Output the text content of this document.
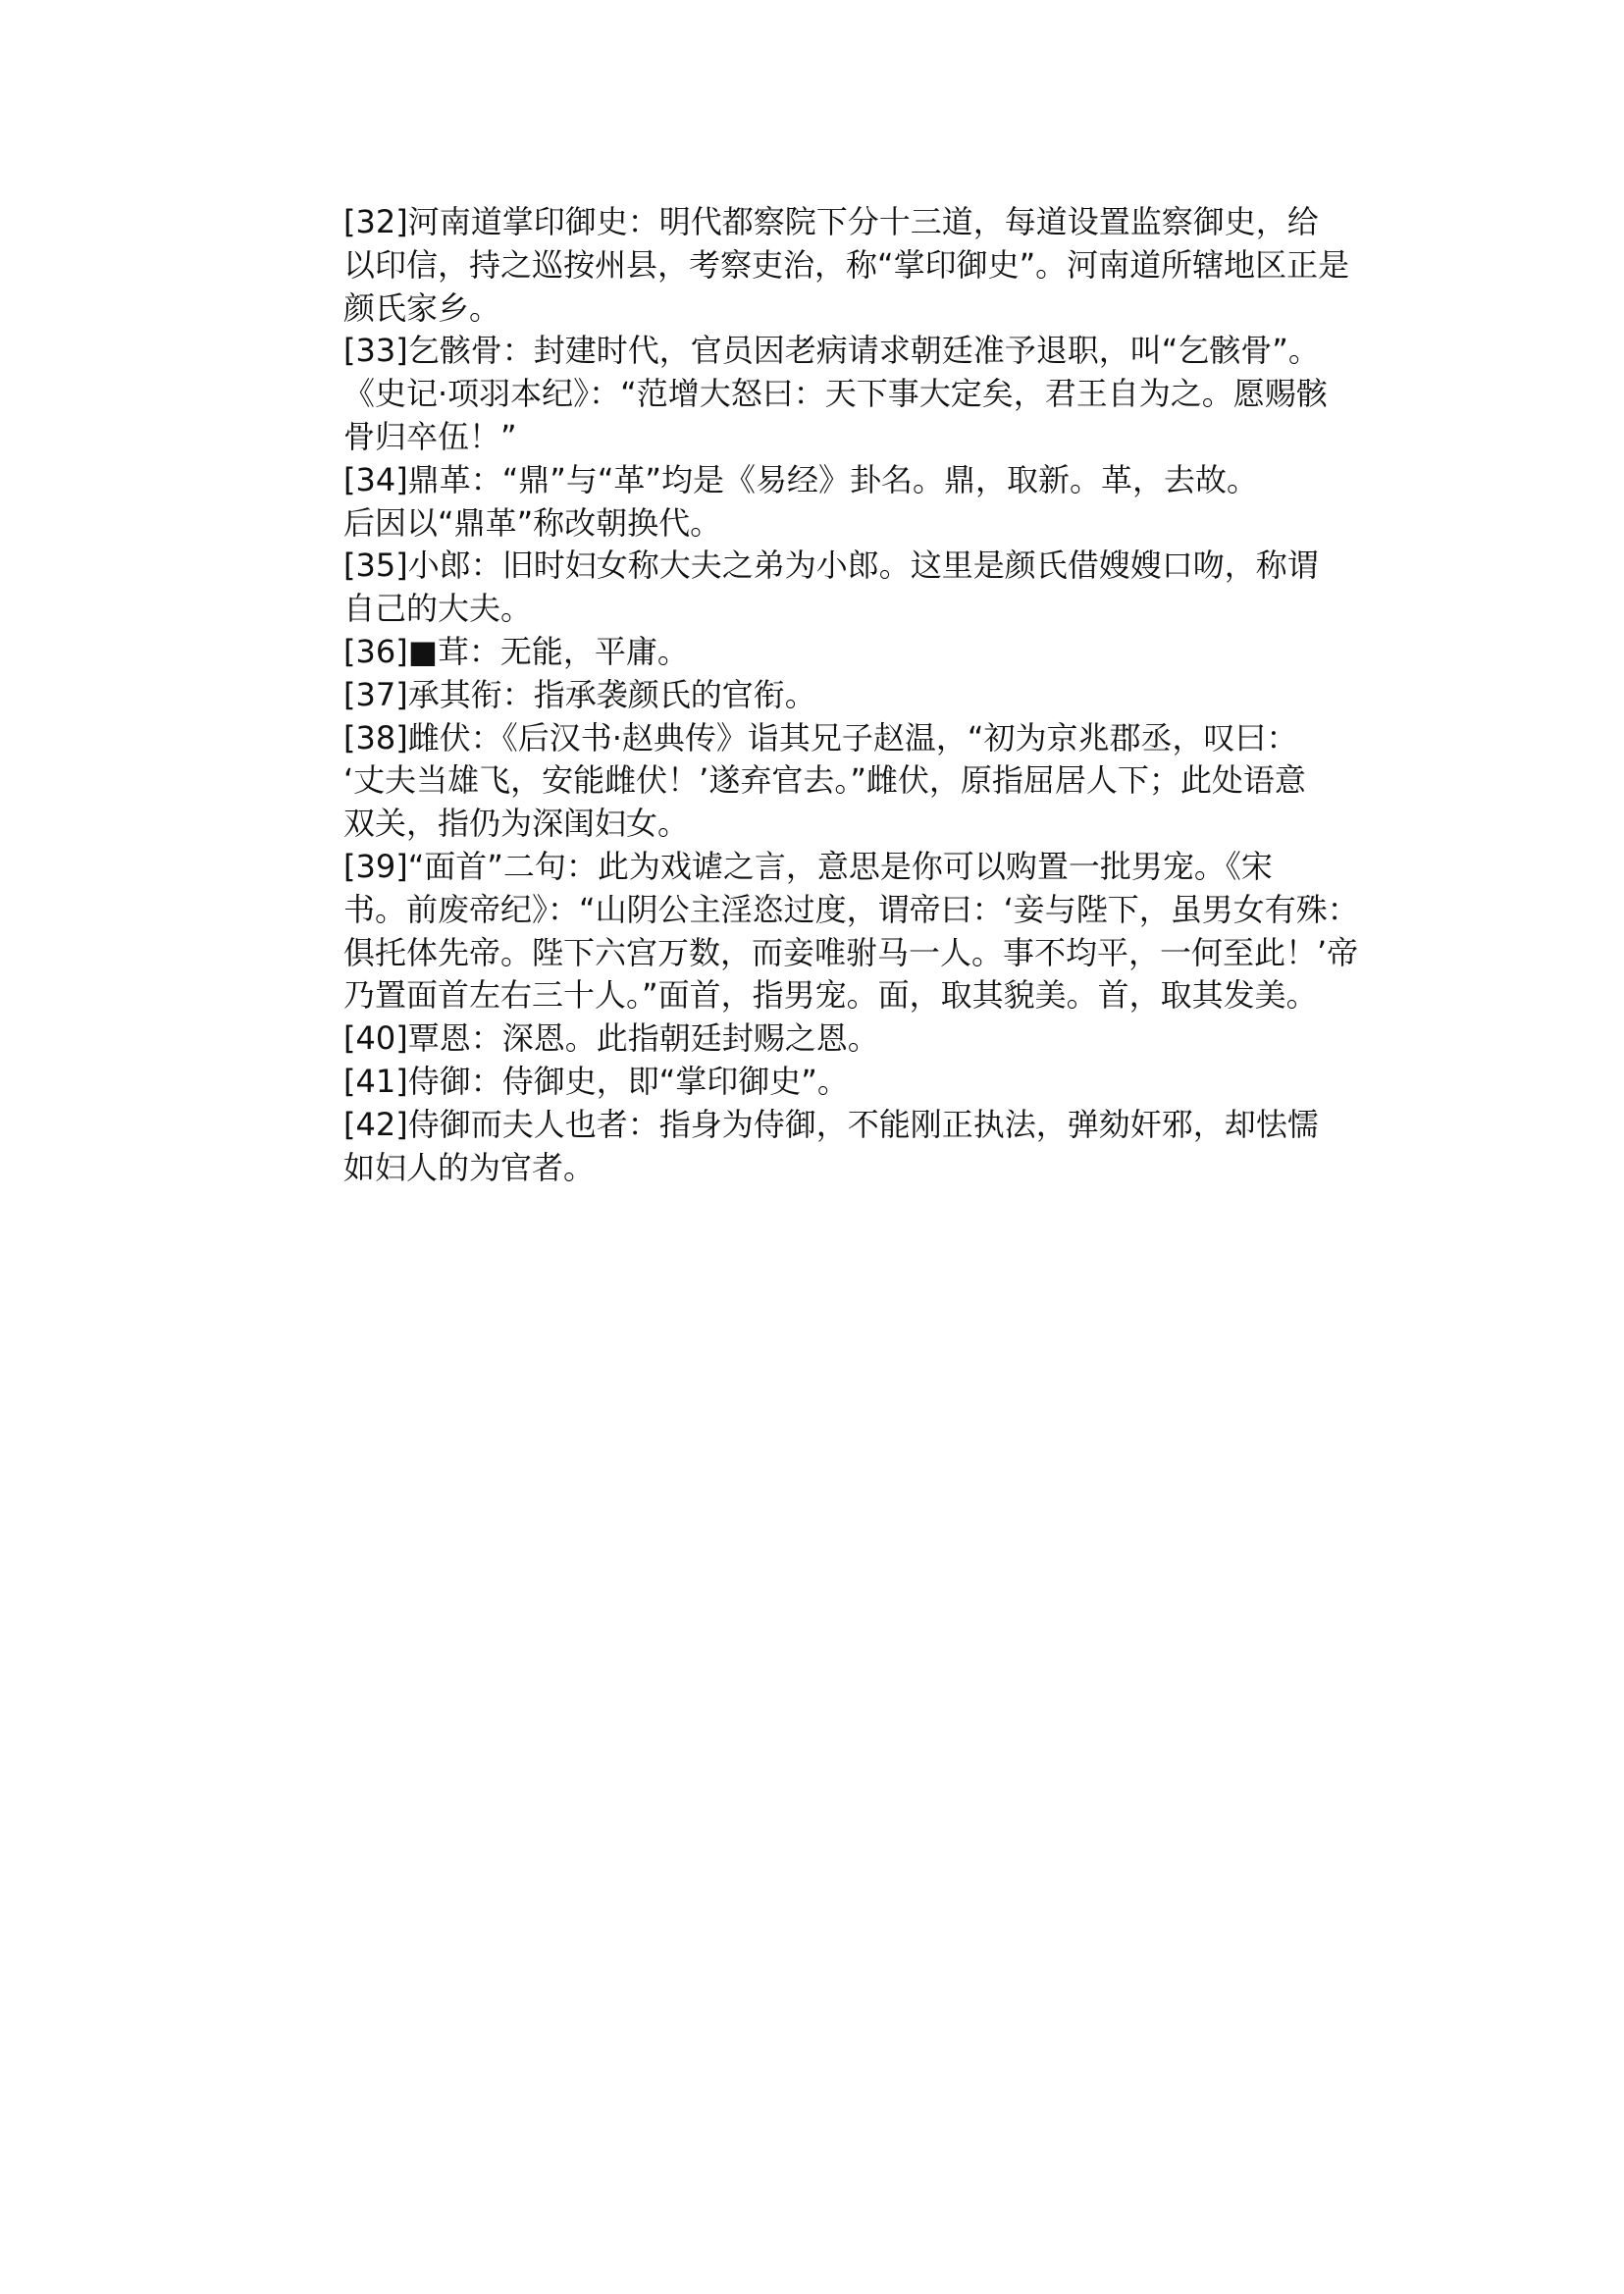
[32]河南道掌印御史：明代都察院下分十三道，每道设置监察御史，给
以印信，持之巡按州县，考察吏治，称“掌印御史”。河南道所辖地区正是
颜氏家乡。
[33]乞骸骨：封建时代，官员因老病请求朝廷准予退职，叫“乞骸骨”。
《史记·项羽本纪》：“范增大怒曰：天下事大定矣，君王自为之。愿赐骸
骨归卒伍！”
[34]鼎革：“鼎”与“革”均是《易经》卦名。鼎，取新。革，去故。
后因以“鼎革”称改朝换代。
[35]小郎：旧时妇女称大夫之弟为小郎。这里是颜氏借嫂嫂口吻，称谓
自己的大夫。
[36]■茸：无能，平庸。
[37]承其衔：指承袭颜氏的官衔。
[38]雌伏：《后汉书·赵典传》诣其兄子赵温，“初为京兆郡丞，叹曰：
‘丈夫当雄飞，安能雌伏！’遂弃官去。”雌伏，原指屈居人下；此处语意
双关，指仍为深闺妇女。
[39]“面首”二句：此为戏谑之言，意思是你可以购置一批男宠。《宋
书。前废帝纪》：“山阴公主淫恣过度，谓帝曰：‘妾与陛下，虽男女有殊：
俱托体先帝。陛下六宫万数，而妾唯驸马一人。事不均平，一何至此！’帝
乃置面首左右三十人。”面首，指男宠。面，取其貌美。首，取其发美。
[40]覃恩：深恩。此指朝廷封赐之恩。
[41]侍御：侍御史，即“掌印御史”。
[42]侍御而夫人也者：指身为侍御，不能刚正执法，弹劾奸邪，却怯懦
如妇人的为官者。
